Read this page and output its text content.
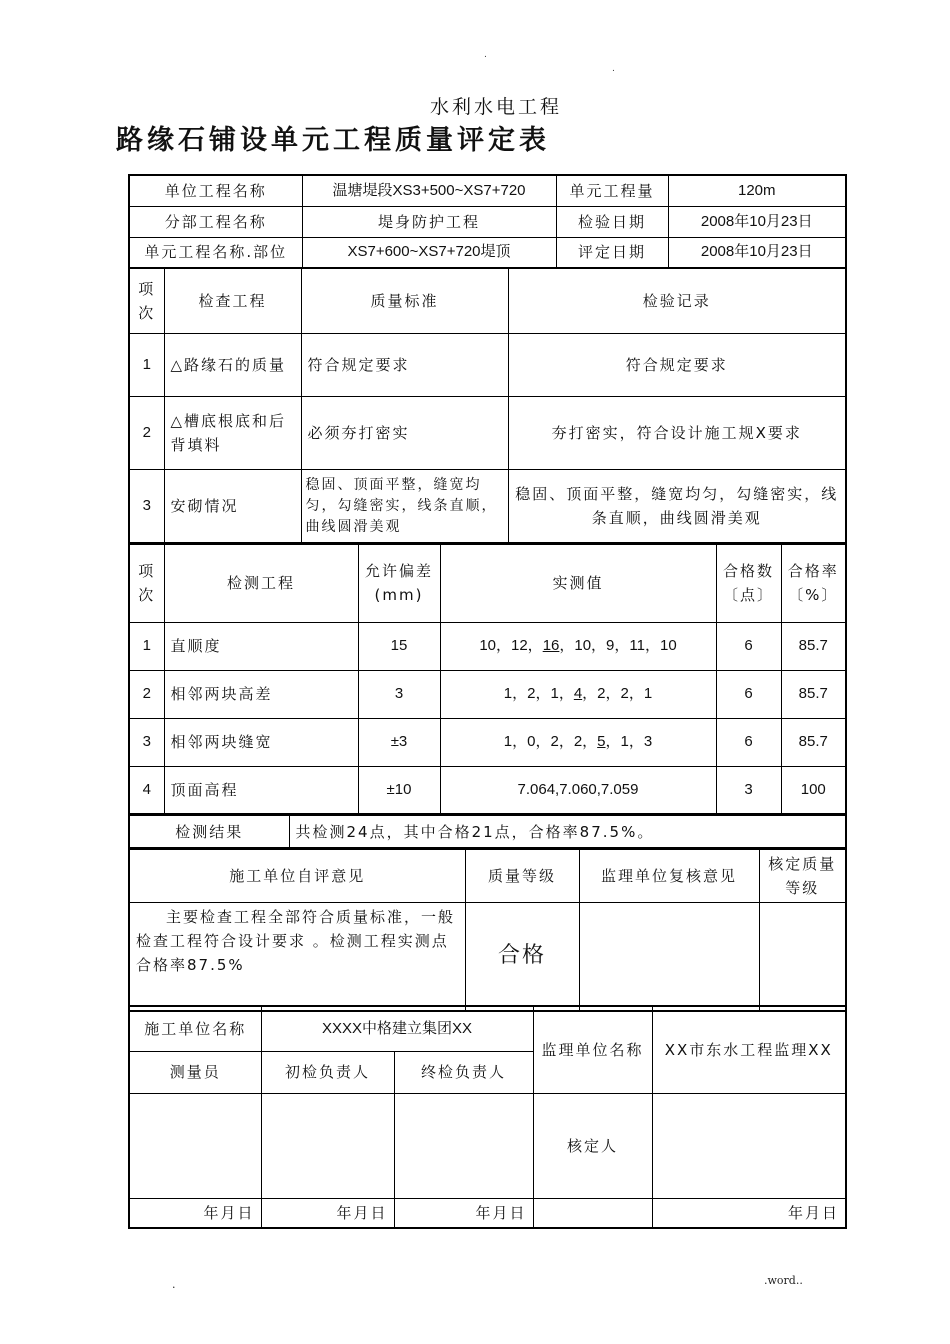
.
.
水利水电工程
路缘石铺设单元工程质量评定表
单位工程名称	温塘堤段XS3+500~XS7+720	单元工程量	120m
分部工程名称	堤身防护工程	检验日期	2008年10月23日
单元工程名称.部位	XS7+600~XS7+720堤顶	评定日期	2008年10月23日
项次	检查工程	质量标准	检验记录
1	△路缘石的质量	符合规定要求	符合规定要求
2	△槽底根底和后背填料	必须夯打密实	夯打密实，符合设计施工规X要求
3	安砌情况	稳固、顶面平整，缝宽均匀，勾缝密实，线条直顺，曲线圆滑美观	稳固、顶面平整，缝宽均匀，勾缝密实，线条直顺，曲线圆滑美观
项次	检测工程	允许偏差(mm)	实测值	合格数〔点〕	合格率〔%〕
1	直顺度	15	10，12，16，10，9，11，10	6	85.7
2	相邻两块高差	3	1，2，1，4，2，2，1	6	85.7
3	相邻两块缝宽	±3	1，0，2，2，5，1，3	6	85.7
4	顶面高程	±10	7.064,7.060,7.059	3	100
检测结果	共检测24点，其中合格21点，合格率87.5%。
施工单位自评意见	质量等级	监理单位复核意见	核定质量等级
主要检查工程全部符合质量标准，一般检查工程符合设计要求 。检测工程实测点合格率87.5%	合格		
施工单位名称	XXXX中格建立集团XX		监理单位名称	XX市东水工程监理XX
测量员	初检负责人	终检负责人		
			核定人	
年月日	年月日	年月日		年月日
.	.word..
